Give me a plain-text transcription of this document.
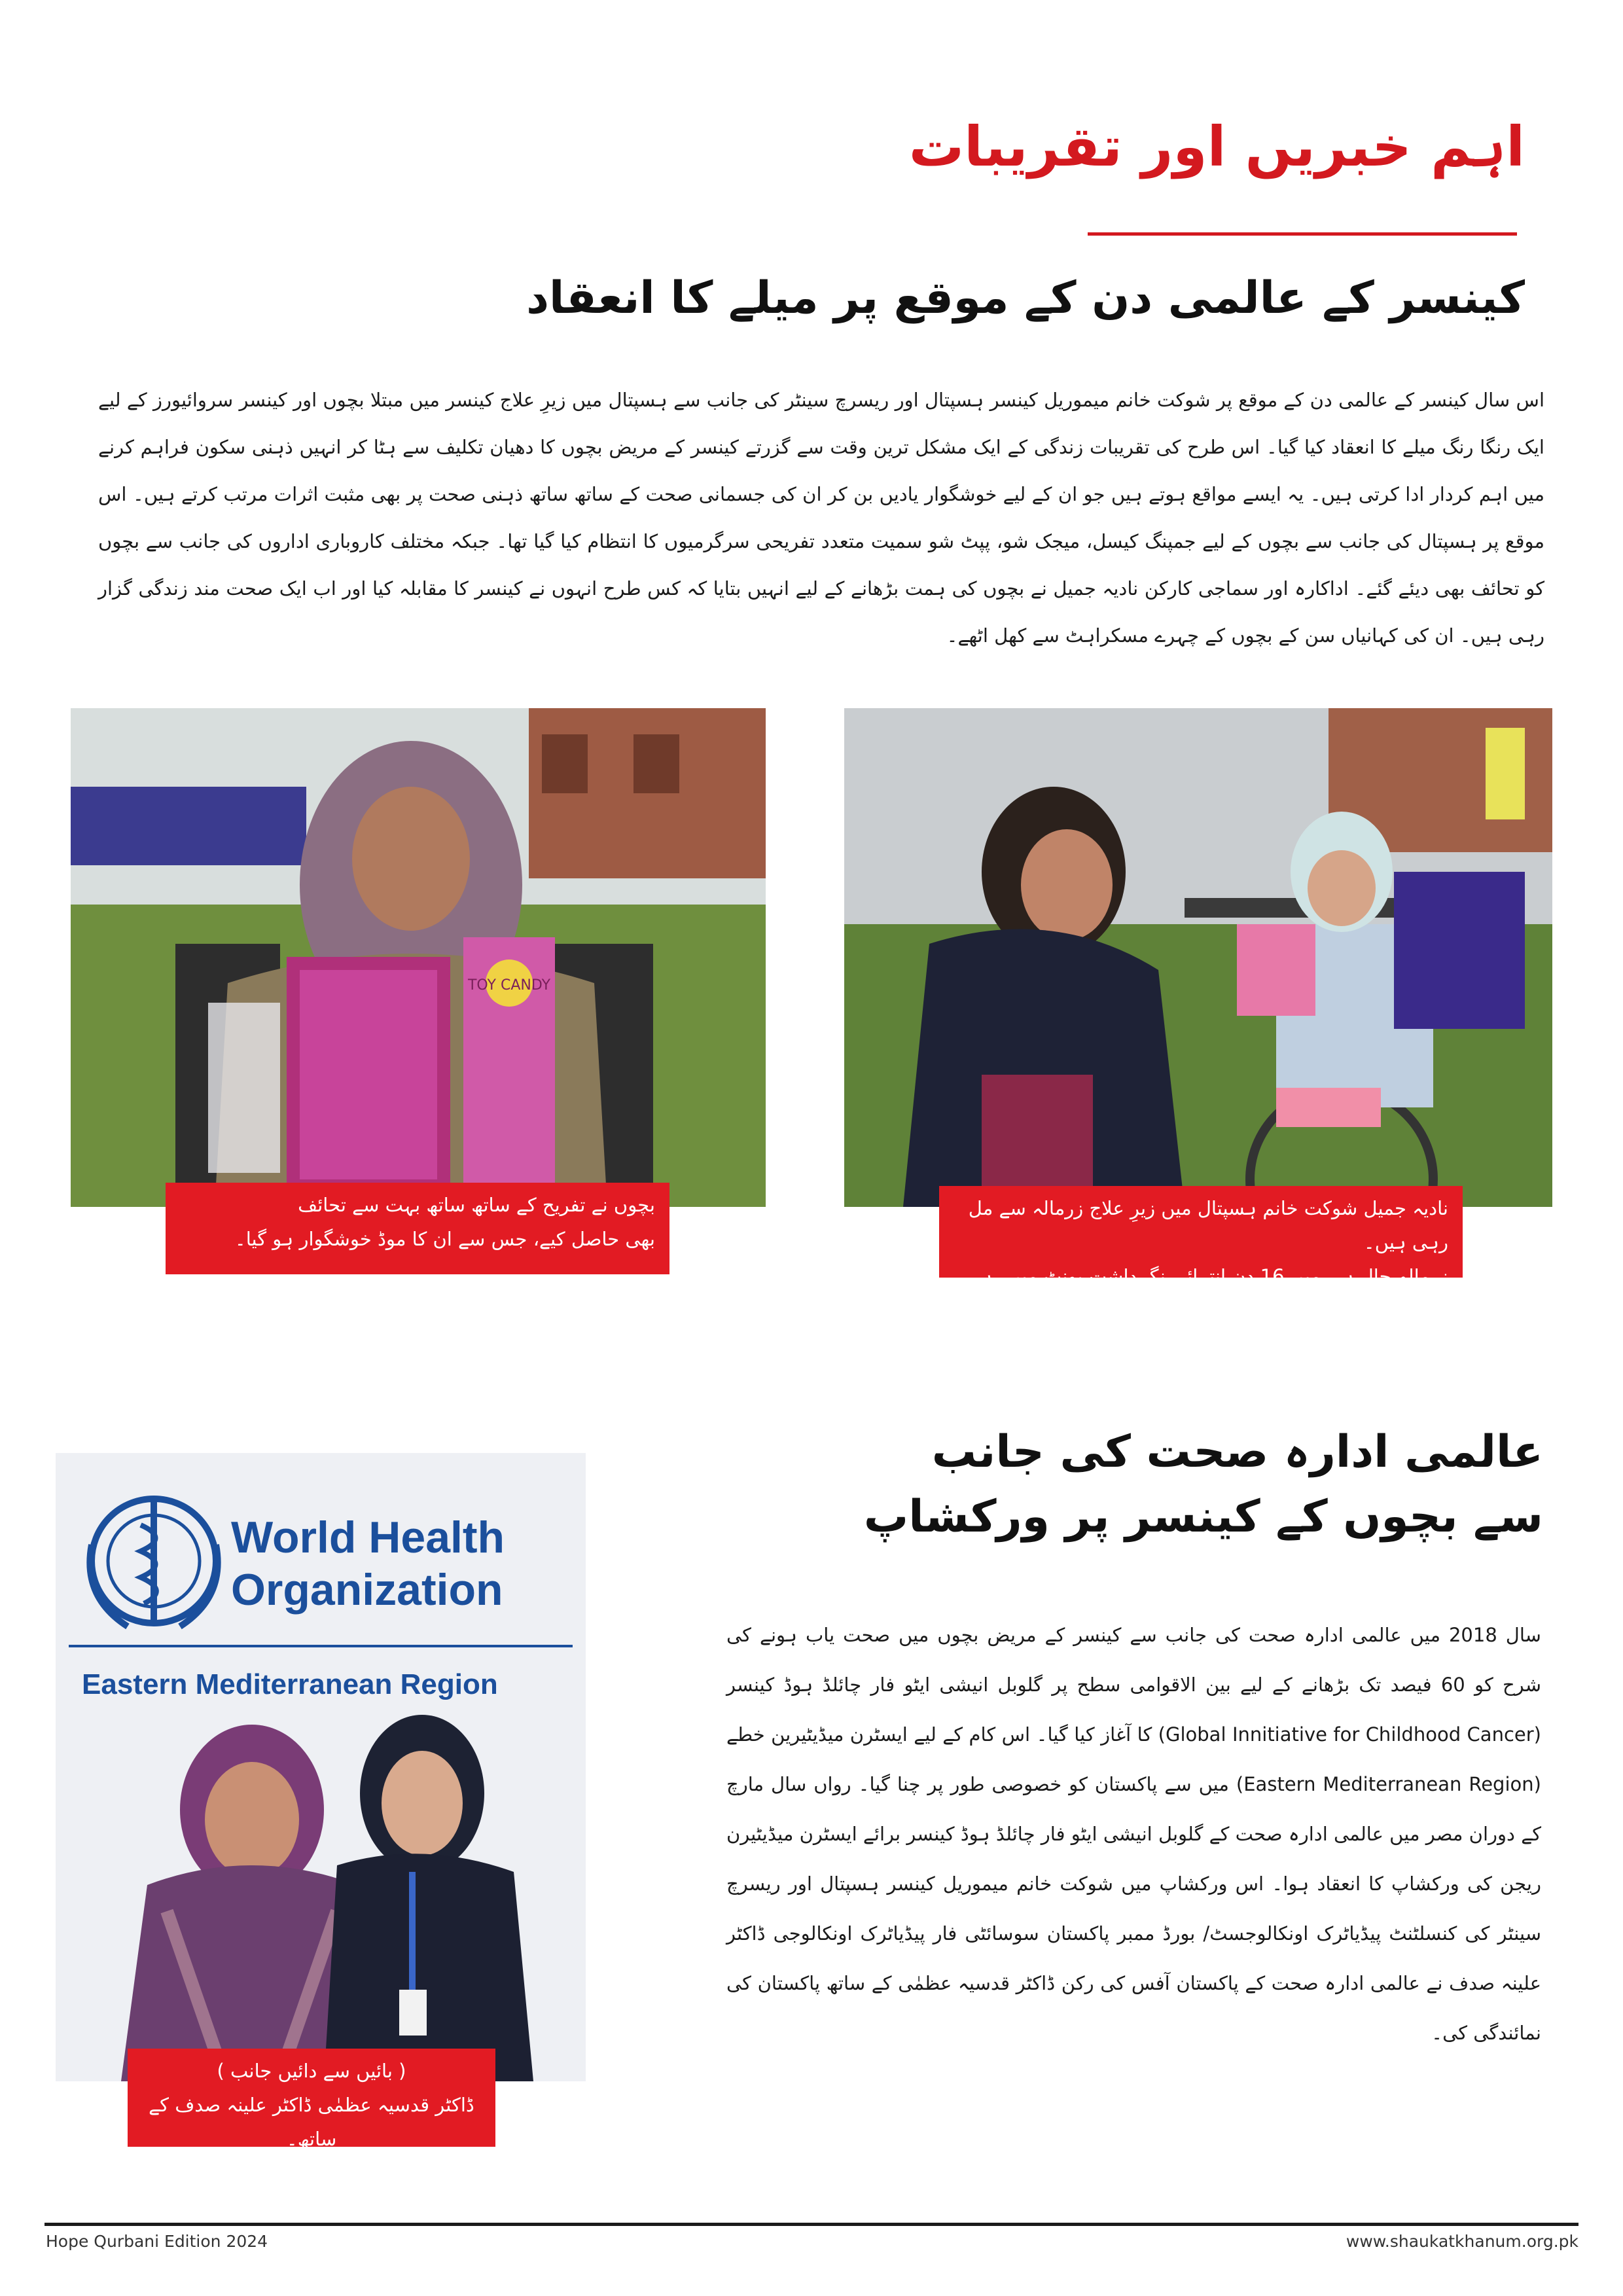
اہم خبریں اور تقریبات
کینسر کے عالمی دن کے موقع پر میلے کا انعقاد
اس سال کینسر کے عالمی دن کے موقع پر شوکت خانم میموریل کینسر ہسپتال اور ریسرچ سینٹر کی جانب سے ہسپتال میں زیرِ علاج کینسر میں مبتلا بچوں اور کینسر سروائیورز کے لیے ایک رنگا رنگ میلے کا انعقاد کیا گیا۔ اس طرح کی تقریبات زندگی کے ایک مشکل ترین وقت سے گزرتے کینسر کے مریض بچوں کا دھیان تکلیف سے ہٹا کر انہیں ذہنی سکون فراہم کرنے میں اہم کردار ادا کرتی ہیں۔ یہ ایسے مواقع ہوتے ہیں جو ان کے لیے خوشگوار یادیں بن کر ان کی جسمانی صحت کے ساتھ ساتھ ذہنی صحت پر بھی مثبت اثرات مرتب کرتے ہیں۔ اس موقع پر ہسپتال کی جانب سے بچوں کے لیے جمپنگ کیسل، میجک شو، پپٹ شو سمیت متعدد تفریحی سرگرمیوں کا انتظام کیا گیا تھا۔ جبکہ مختلف کاروباری اداروں کی جانب سے بچوں کو تحائف بھی دیئے گئے۔ اداکارہ اور سماجی کارکن نادیہ جمیل نے بچوں کی ہمت بڑھانے کے لیے انہیں بتایا کہ کس طرح انہوں نے کینسر کا مقابلہ کیا اور اب ایک صحت مند زندگی گزار رہی ہیں۔ ان کی کہانیاں سن کے بچوں کے چہرے مسکراہٹ سے کھل اٹھے۔
TOY CANDY

بچوں نے تفریح کے ساتھ ساتھ بہت سے تحائف

بھی حاصل کیے، جس سے ان کا موڈ خوشگوار ہو گیا۔

نادیہ جمیل شوکت خانم ہسپتال میں زیرِ علاج زرمالہ سے مل رہی ہیں۔

زرمالہ حال ہی میں 16 دن انتہائی نگہداشت یونٹ میں رہی ہے۔

عالمی ادارہ صحت کی جانب
سے بچوں کے کینسر پر ورکشاپ
سال 2018 میں عالمی ادارہ صحت کی جانب سے کینسر کے مریض بچوں میں صحت یاب ہونے کی شرح کو 60 فیصد تک بڑھانے کے لیے بین الاقوامی سطح پر گلوبل انیشی ایٹو فار چائلڈ ہوڈ کینسر (Global Innitiative for Childhood Cancer) کا آغاز کیا گیا۔ اس کام کے لیے ایسٹرن میڈیٹیرین خطے (Eastern Mediterranean Region) میں سے پاکستان کو خصوصی طور پر چنا گیا۔ رواں سال مارچ کے دوران مصر میں عالمی ادارہ صحت کے گلوبل انیشی ایٹو فار چائلڈ ہوڈ کینسر برائے ایسٹرن میڈیٹیرن ریجن کی ورکشاپ کا انعقاد ہوا۔ اس ورکشاپ میں شوکت خانم میموریل کینسر ہسپتال اور ریسرچ سینٹر کی کنسلٹنٹ پیڈیاٹرک اونکالوجسٹ/ بورڈ ممبر پاکستان سوسائٹی فار پیڈیاٹرک اونکالوجی ڈاکٹر علینہ صدف نے عالمی ادارہ صحت کے پاکستان آفس کی رکن ڈاکٹر قدسیہ عظمٰی کے ساتھ پاکستان کی نمائندگی کی۔
World Health
Organization
Eastern Mediterranean Region

( بائیں سے دائیں جانب )

ڈاکٹر قدسیہ عظمٰی ڈاکٹر علینہ صدف کے ساتھ۔

Hope Qurbani Edition 2024	www.shaukatkhanum.org.pk
